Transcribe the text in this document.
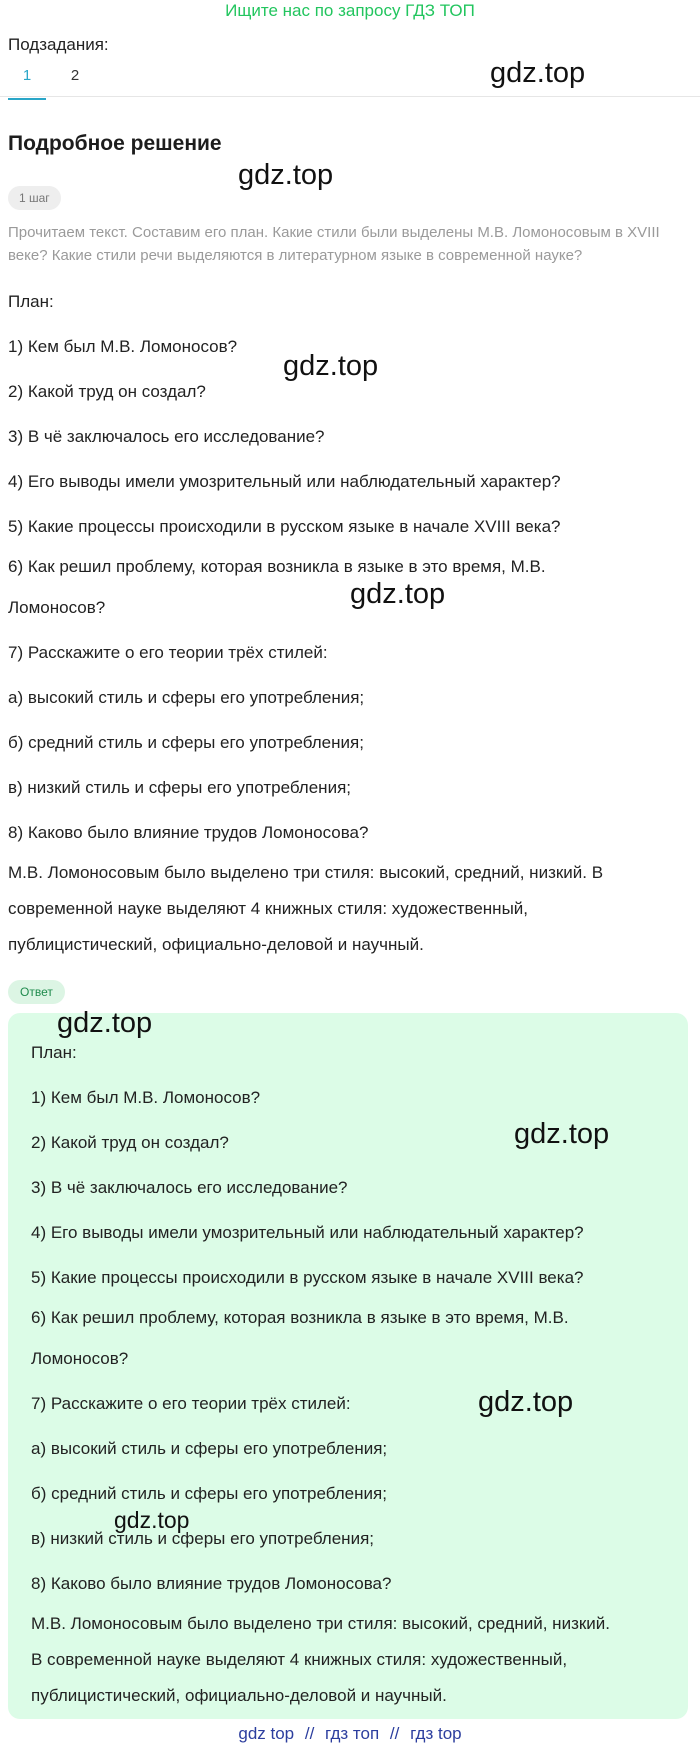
Ищите нас по запросу ГДЗ ТОП
Подзадания:
1	2
Подробное решение
1 шаг
Прочитаем текст. Составим его план. Какие стили были выделены М.В. Ломоносовым в XVIII веке? Какие стили речи выделяются в литературном языке в современной науке?
План:
1) Кем был М.В. Ломоносов?
2) Какой труд он создал?
3) В чё заключалось его исследование?
4) Его выводы имели умозрительный или наблюдательный характер?
5) Какие процессы происходили в русском языке в начале XVIII века?
6) Как решил проблему, которая возникла в языке в это время, М.В.
Ломоносов?
7) Расскажите о его теории трёх стилей:
а) высокий стиль и сферы его употребления;
б) средний стиль и сферы его употребления;
в) низкий стиль и сферы его употребления;
8) Каково было влияние трудов Ломоносова?
М.В. Ломоносовым было выделено три стиля: высокий, средний, низкий. В
современной науке выделяют 4 книжных стиля: художественный,
публицистический, официально-деловой и научный.
Ответ
План:
1) Кем был М.В. Ломоносов?
2) Какой труд он создал?
3) В чё заключалось его исследование?
4) Его выводы имели умозрительный или наблюдательный характер?
5) Какие процессы происходили в русском языке в начале XVIII века?
6) Как решил проблему, которая возникла в языке в это время, М.В.
Ломоносов?
7) Расскажите о его теории трёх стилей:
а) высокий стиль и сферы его употребления;
б) средний стиль и сферы его употребления;
в) низкий стиль и сферы его употребления;
8) Каково было влияние трудов Ломоносова?
М.В. Ломоносовым было выделено три стиля: высокий, средний, низкий.
В современной науке выделяют 4 книжных стиля: художественный,
публицистический, официально-деловой и научный.
gdz.top
gdz.top
gdz.top
gdz.top
gdz.top
gdz.top
gdz.top
gdz.top
gdz top // гдз топ // гдз top
